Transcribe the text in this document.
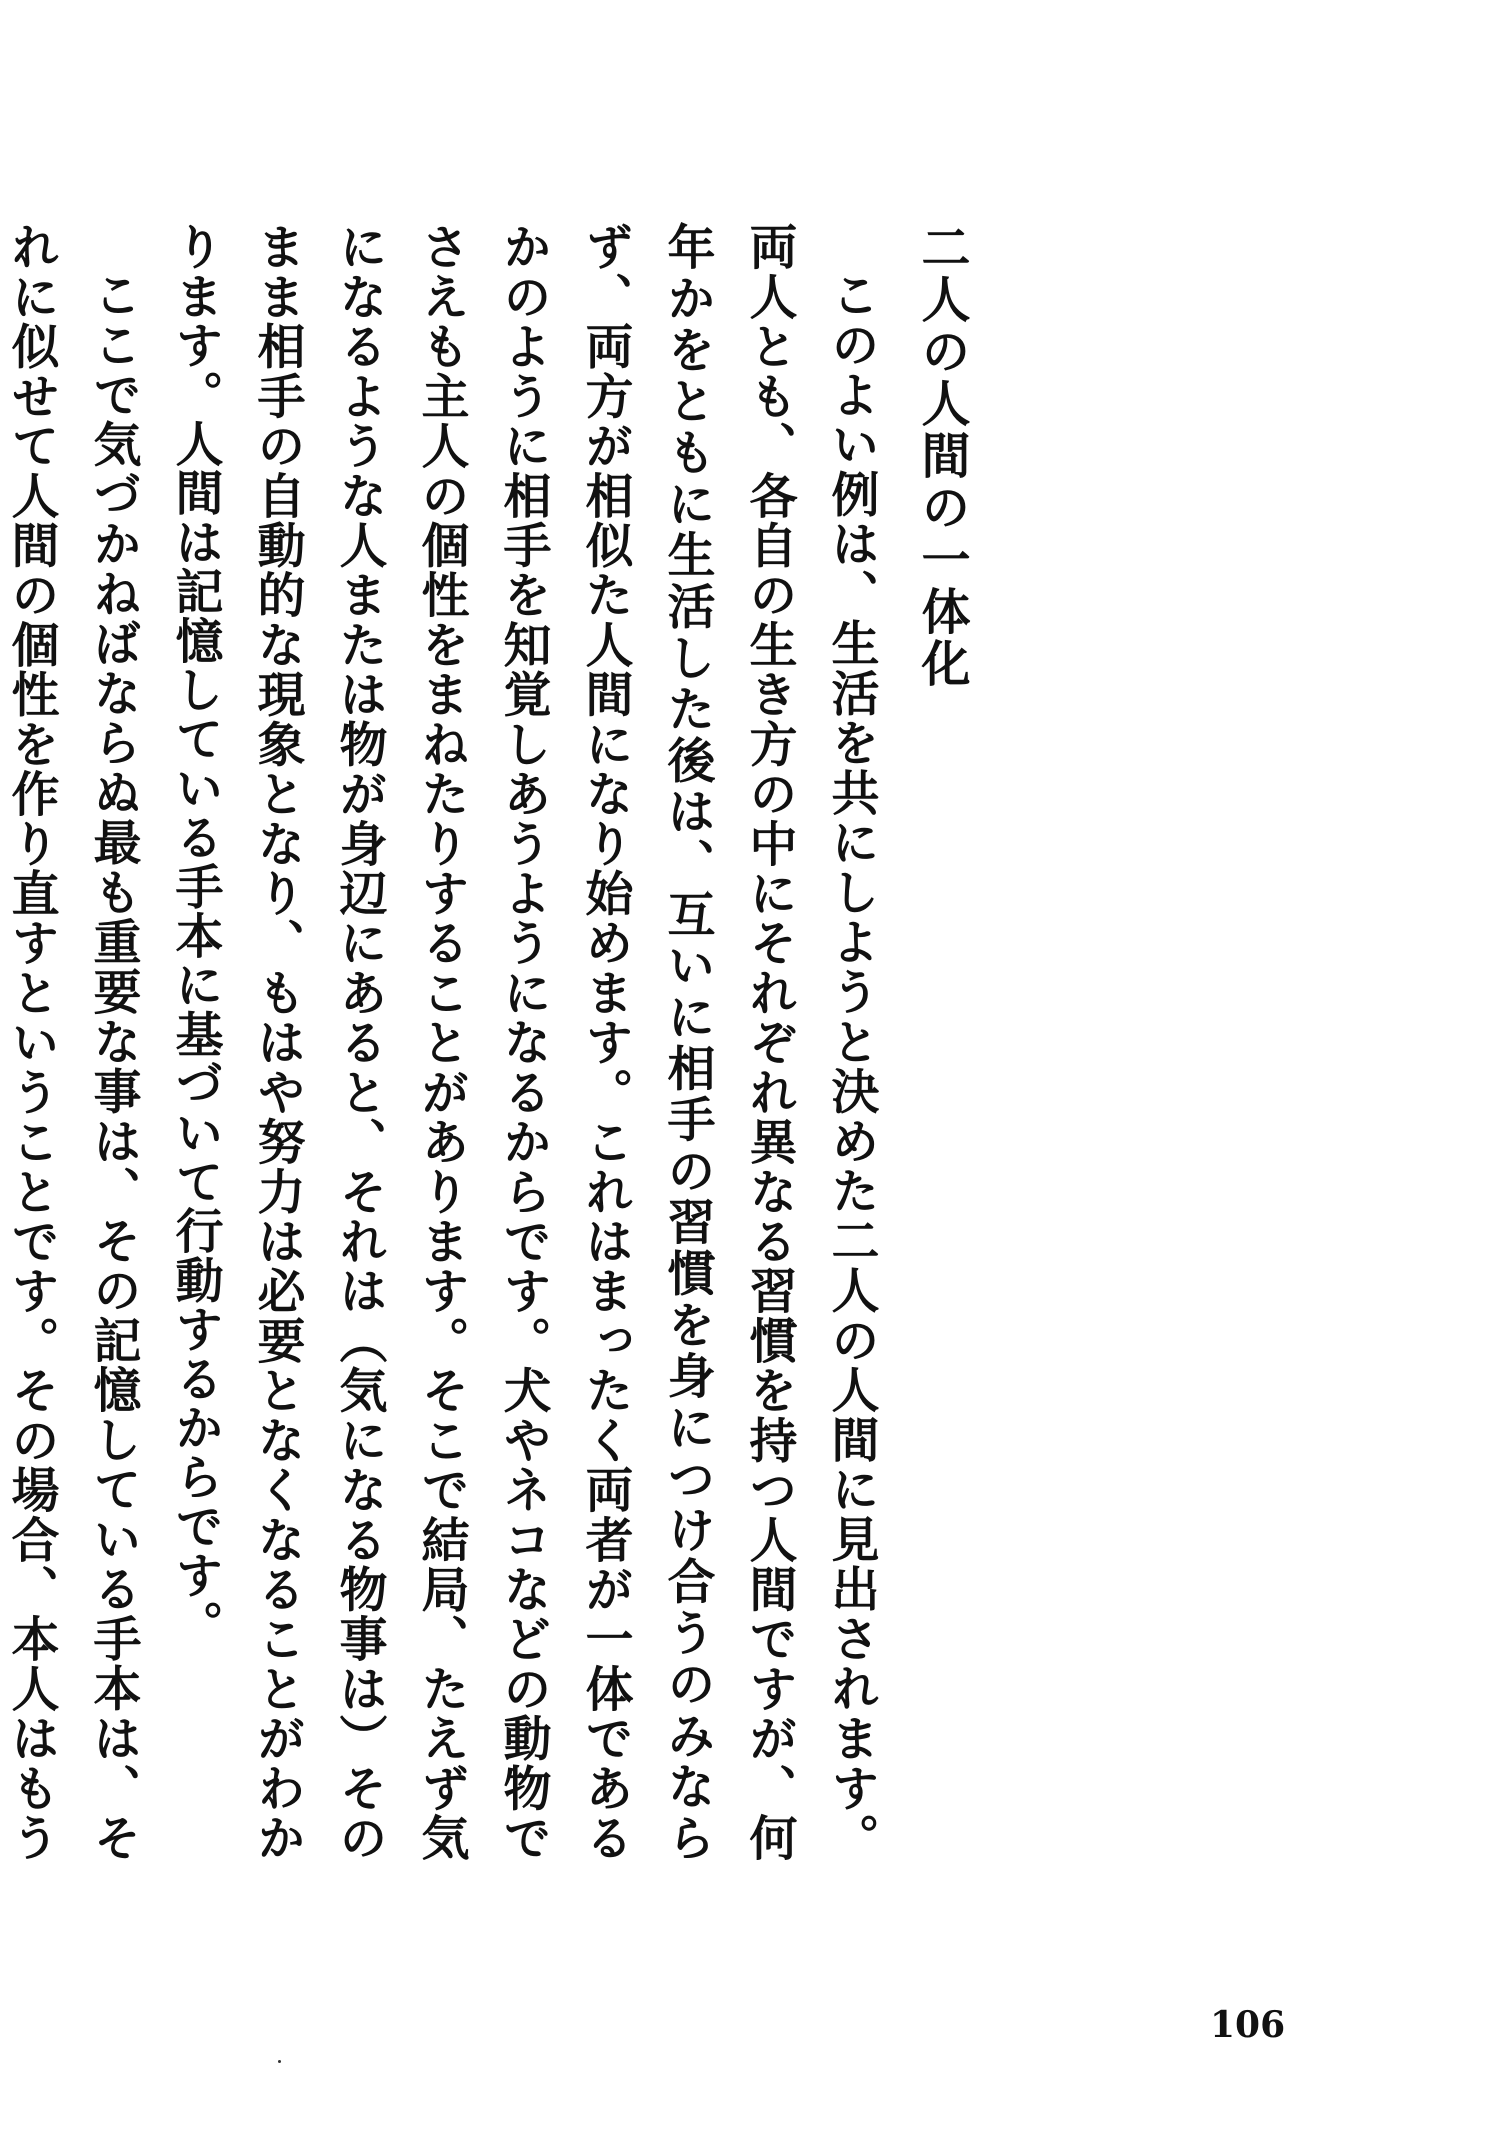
二人の人間の一体化
このよい例は、生活を共にしようと決めた二人の人間に見出されます。両人とも、各自の生き方の中にそれぞれ異なる習慣を持つ人間ですが、何年かをともに生活した後は、互いに相手の習慣を身につけ合うのみならず、両方が相似た人間になり始めます。これはまったく両者が一体であるかのように相手を知覚しあうようになるからです。犬やネコなどの動物でさえも主人の個性をまねたりすることがあります。そこで結局、たえず気になるような人または物が身辺にあると、それは（気になる物事は）そのまま相手の自動的な現象となり、もはや努力は必要となくなることがわかります。人間は記憶している手本に基づいて行動するからです。
ここで気づかねばならぬ最も重要な事は、その記憶している手本は、それに似せて人間の個性を作り直すということです。その場合、本人はもう
106
